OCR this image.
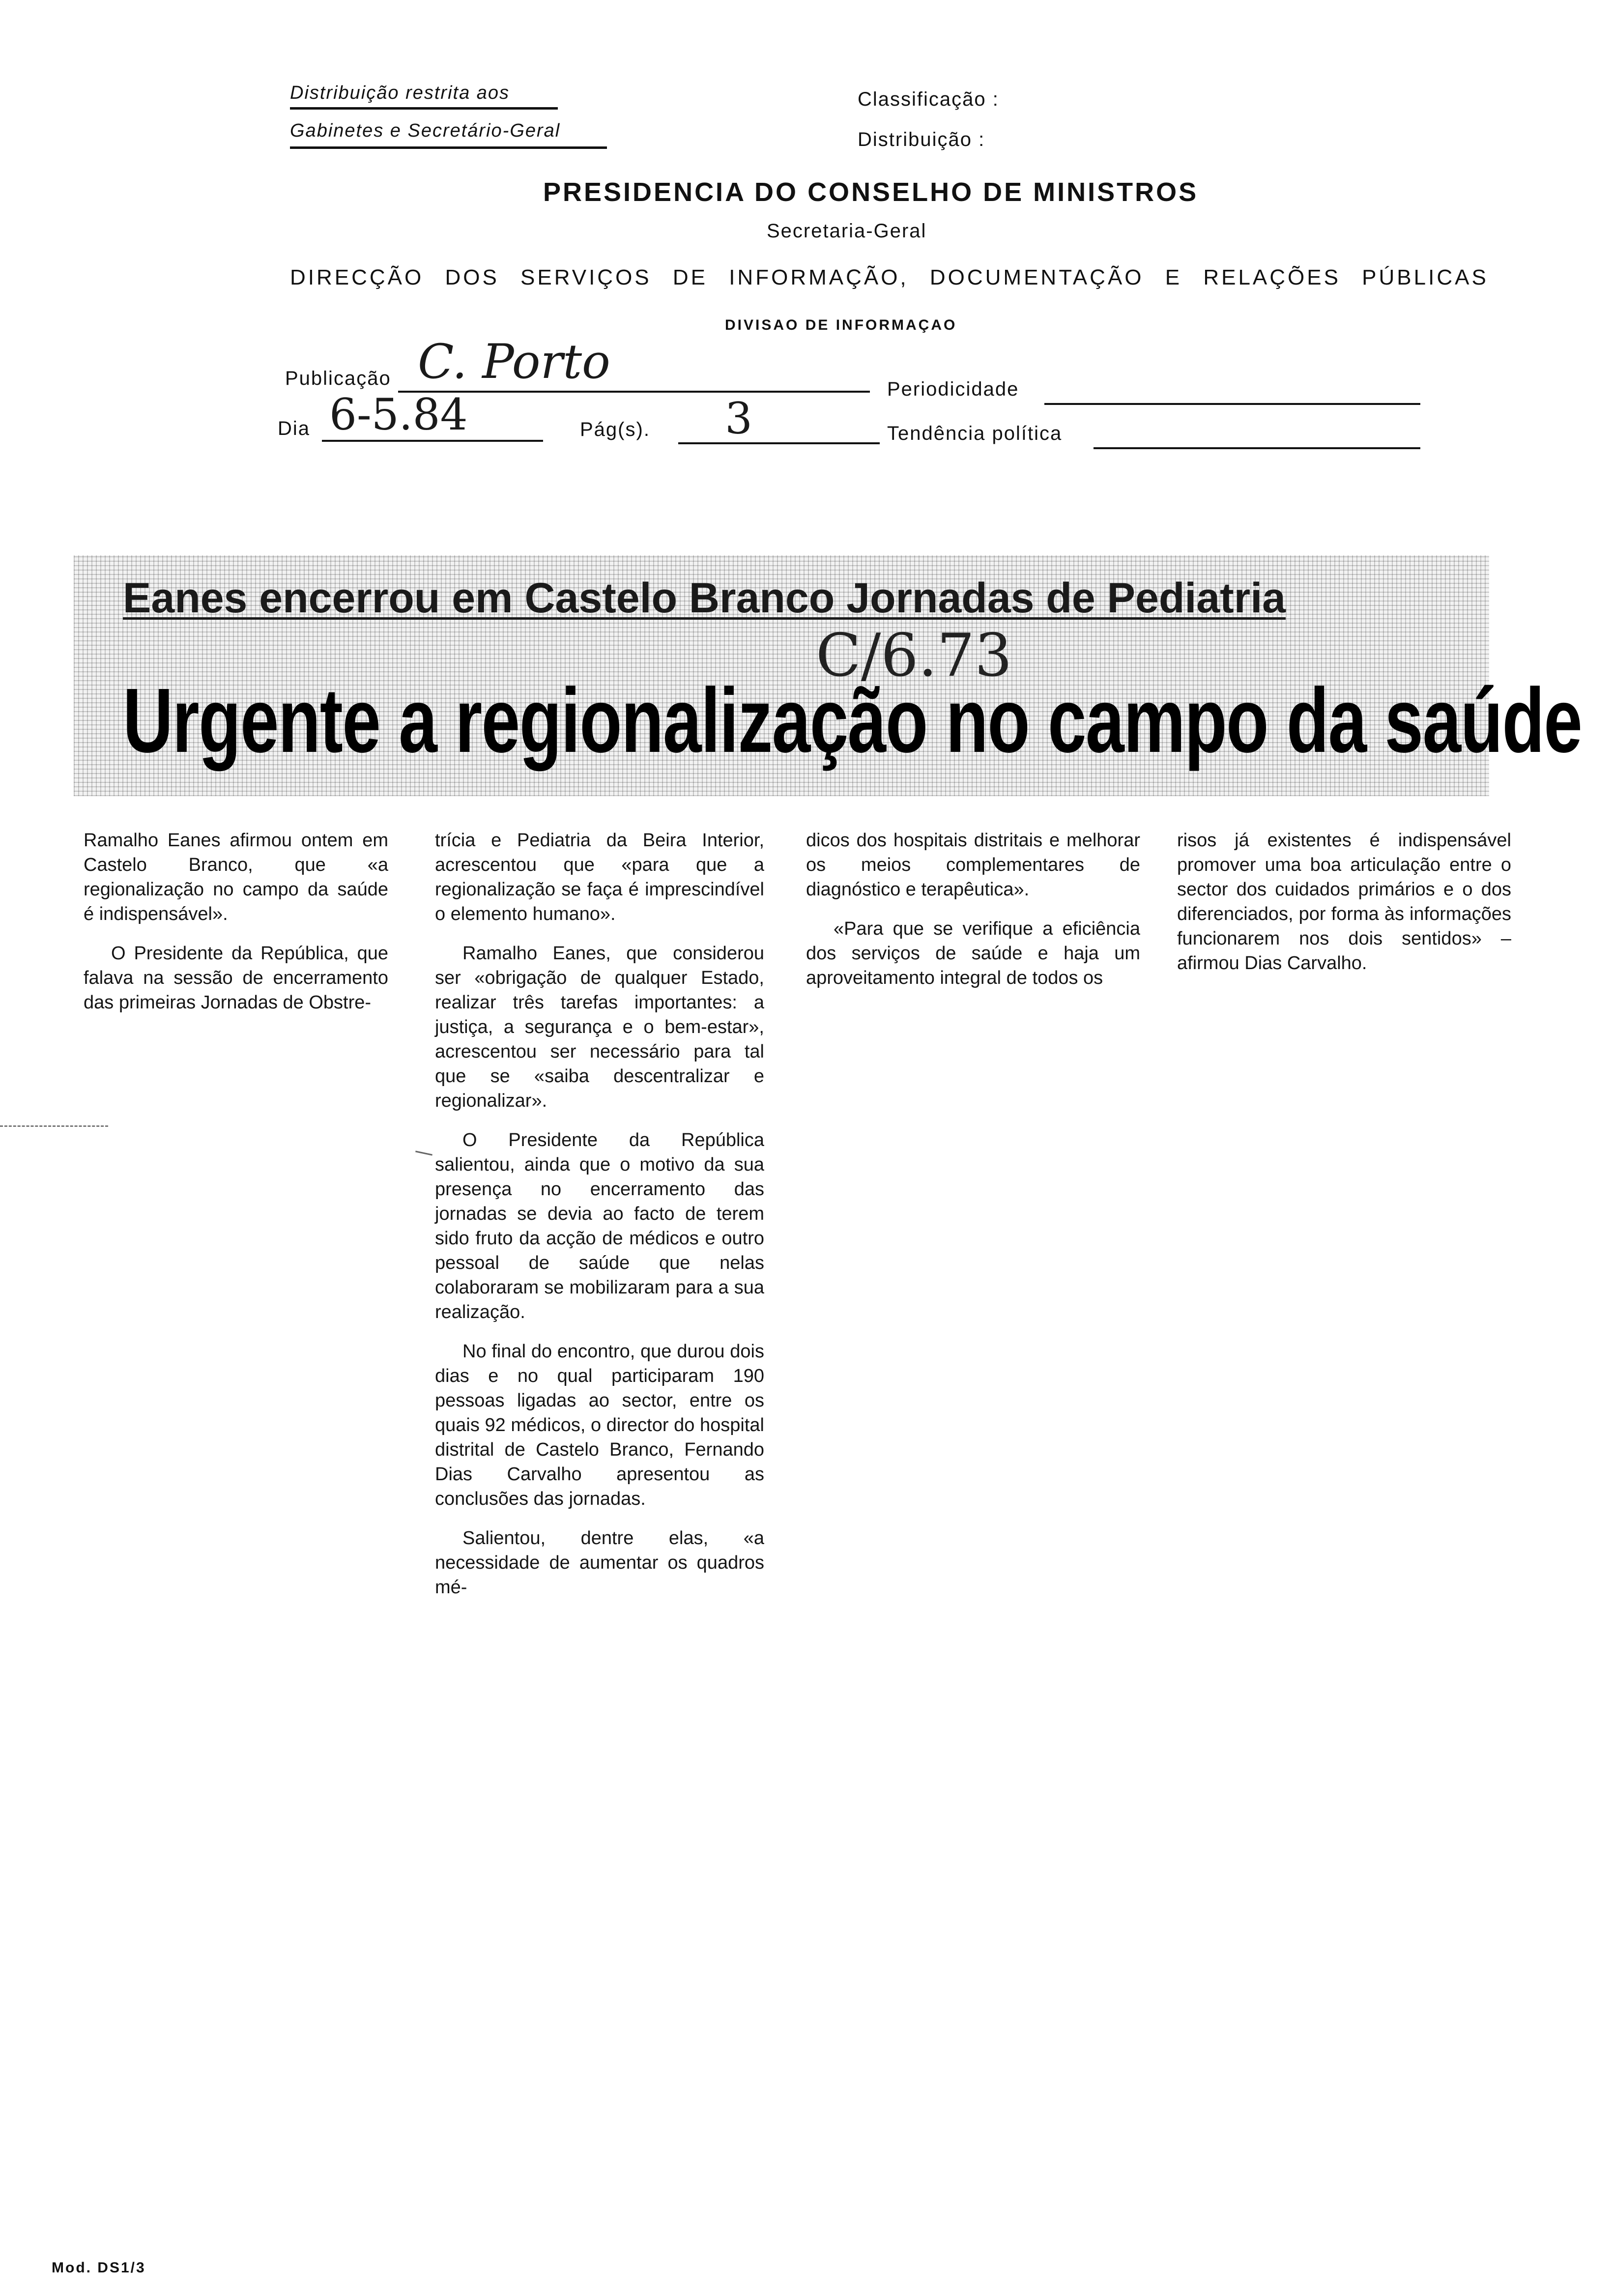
Distribuição restrita aos
Gabinetes e Secretário-Geral
Classificação :
Distribuição :
PRESIDENCIA DO CONSELHO DE MINISTROS
Secretaria-Geral
DIRECÇÃO DOS SERVIÇOS DE INFORMAÇÃO, DOCUMENTAÇÃO E RELAÇÕES PÚBLICAS
DIVISAO DE INFORMAÇAO
Publicação C. Porto	Periodicidade
Dia 6-5.84	Pág(s). 3	Tendência política
Eanes encerrou em Castelo Branco Jornadas de Pediatria
C/6.73
Urgente a regionalização no campo da saúde

Ramalho Eanes afirmou ontem em Castelo Branco, que «a regionalização no campo da saúde é indispensável».

O Presidente da República, que falava na sessão de encerramento das primeiras Jornadas de Obstre-

trícia e Pediatria da Beira Interior, acrescentou que «para que a regionalização se faça é imprescindível o elemento humano».

Ramalho Eanes, que considerou ser «obrigação de qualquer Estado, realizar três tarefas importantes: a justiça, a segurança e o bem-estar», acrescentou ser necessário para tal que se «saiba descentralizar e regionalizar».

O Presidente da República salientou, ainda que o motivo da sua presença no encerramento das jornadas se devia ao facto de terem sido fruto da acção de médicos e outro pessoal de saúde que nelas colaboraram se mobilizaram para a sua realização.

No final do encontro, que durou dois dias e no qual participaram 190 pessoas ligadas ao sector, entre os quais 92 médicos, o director do hospital distrital de Castelo Branco, Fernando Dias Carvalho apresentou as conclusões das jornadas.

Salientou, dentre elas, «a necessidade de aumentar os quadros mé-

dicos dos hospitais distritais e melhorar os meios complementares de diagnóstico e terapêutica».

«Para que se verifique a eficiência dos serviços de saúde e haja um aproveitamento integral de todos os

risos já existentes é indispensável promover uma boa articulação entre o sector dos cuidados primários e o dos diferenciados, por forma às informações funcionarem nos dois sentidos» – afirmou Dias Carvalho.

Mod. DS1/3
